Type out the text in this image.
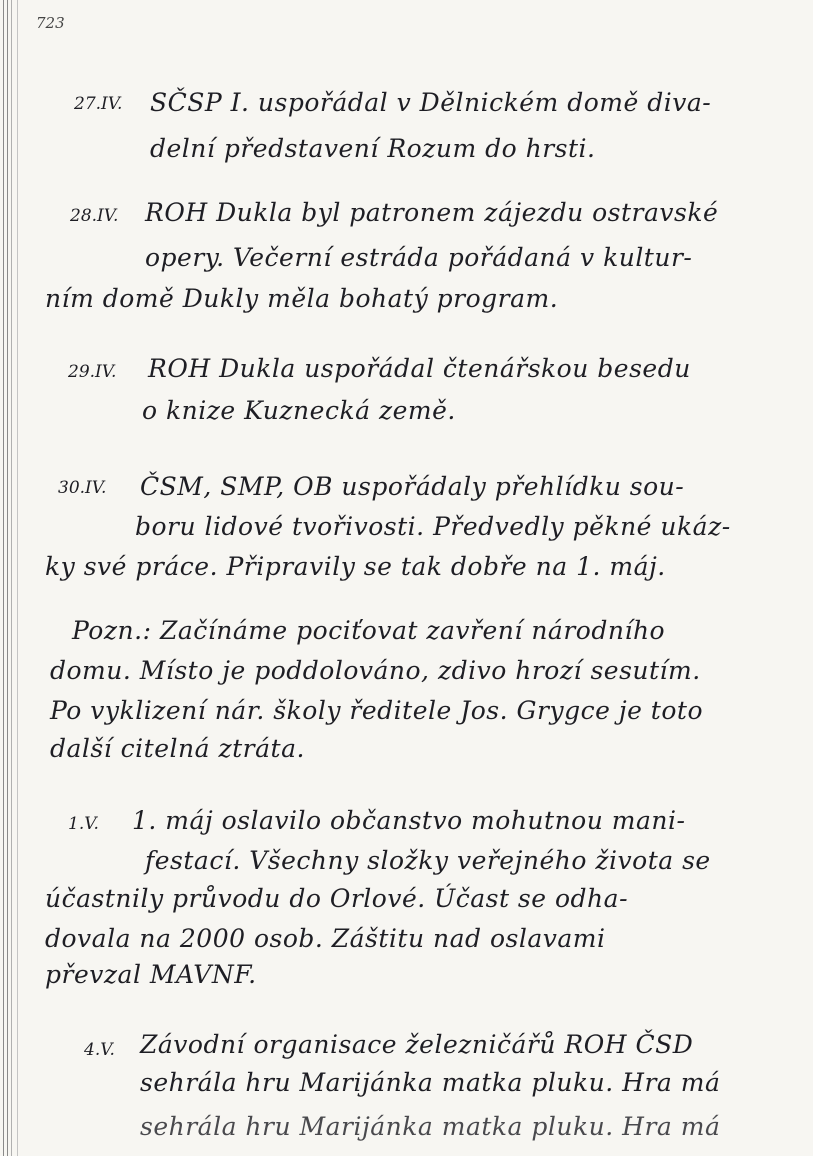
723
27.IV. SČSP I. uspořádal v Dělnickém domě diva-
delní představení Rozum do hrsti.
28.IV. ROH Dukla byl patronem zájezdu ostravské
opery. Večerní estráda pořádaná v kultur-
ním domě Dukly měla bohatý program.
29.IV. ROH Dukla uspořádal čtenářskou besedu
o knize Kuznecká země.
30.IV. ČSM, SMP, OB uspořádaly přehlídku sou-
boru lidové tvořivosti. Předvedly pěkné ukáz-
ky své práce. Připravily se tak dobře na 1. máj.
Pozn.: Začínáme pociťovat zavření národního
domu. Místo je poddolováno, zdivo hrozí sesutím.
Po vyklizení nár. školy ředitele Jos. Grygce je toto
další citelná ztráta.
1.V. 1. máj oslavilo občanstvo mohutnou mani-
festací. Všechny složky veřejného života se
účastnily průvodu do Orlové. Účast se odha-
dovala na 2000 osob. Záštitu nad oslavami
převzal MAVNF.
4.V. Závodní organisace železničářů ROH ČSD
sehrála hru Marijánka matka pluku. Hra má
sehrála hru Marijánka matka pluku. Hra má
